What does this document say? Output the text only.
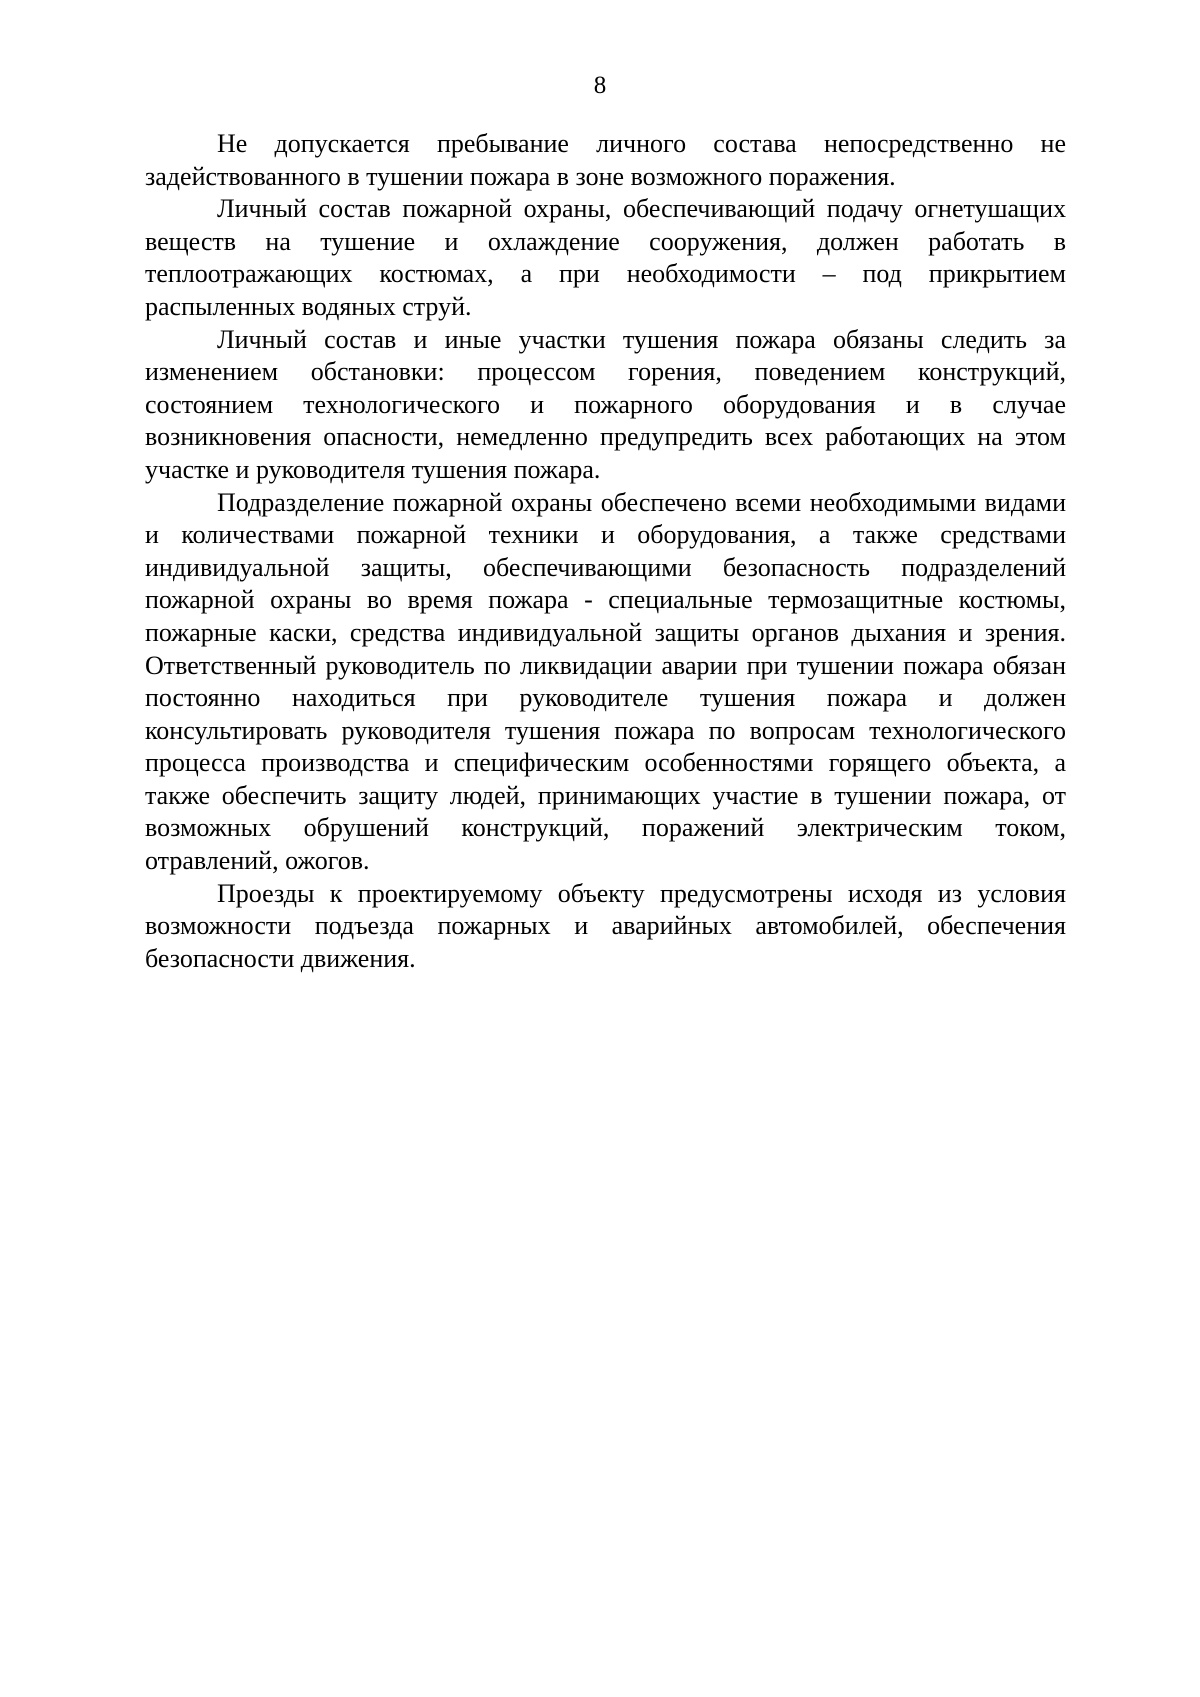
8

Не допускается пребывание личного состава непосредственно не задействованного в тушении пожара в зоне возможного поражения.

Личный состав пожарной охраны, обеспечивающий подачу огнетушащих веществ на тушение и охлаждение сооружения, должен работать в теплоотражающих костюмах, а при необходимости – под прикрытием распыленных водяных струй.

Личный состав и иные участки тушения пожара обязаны следить за изменением обстановки: процессом горения, поведением конструкций, состоянием технологического и пожарного оборудования и в случае возникновения опасности, немедленно предупредить всех работающих на этом участке и руководителя тушения пожара.

Подразделение пожарной охраны обеспечено всеми необходимыми видами и количествами пожарной техники и оборудования, а также средствами индивидуальной защиты, обеспечивающими безопасность подразделений пожарной охраны во время пожара - специальные термозащитные костюмы, пожарные каски, средства индивидуальной защиты органов дыхания и зрения. Ответственный руководитель по ликвидации аварии при тушении пожара обязан постоянно находиться при руководителе тушения пожара и должен консультировать руководителя тушения пожара по вопросам технологического процесса производства и специфическим особенностями горящего объекта, а также обеспечить защиту людей, принимающих участие в тушении пожара, от возможных обрушений конструкций, поражений электрическим током, отравлений, ожогов.

Проезды к проектируемому объекту предусмотрены исходя из условия возможности подъезда пожарных и аварийных автомобилей, обеспечения безопасности движения.
